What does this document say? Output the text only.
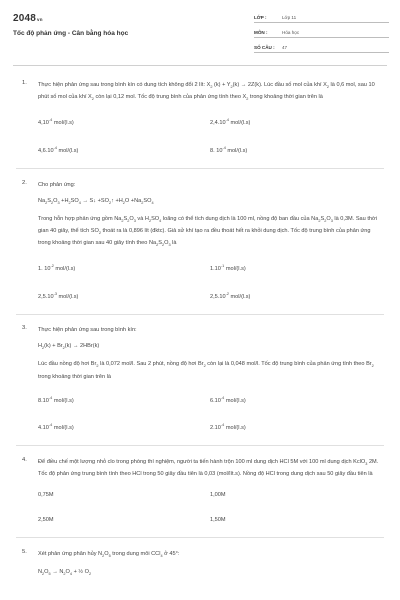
2048vn
Tốc độ phản ứng - Cân bằng hóa học
LỚP :	Lớp 11
MÔN :	Hóa học
SỐ CÂU :	47
1. Thực hiện phản ứng sau trong bình kín có dung tích không đổi 2 lít: $X_2$ $(k) + Y_2(k) \to 2Z(k)$. Lúc đầu số mol của khí $X_2$ là 0,6 mol, sau 10 phút số mol của khí $X_2$ còn lại 0,12 mol. Tốc độ trung bình của phản ứng tính theo $X_2$ trong khoảng thời gian trên là
$4,10^{-4}$ mol/(l.s)	$2,4.10^{-4}$ mol/(l.s)
$4,6.10^{-4}$ mol/(l.s)	8. $10^{-4}$ mol/(l.s)
2. Cho phản ứng:
$Na_2S_2O_3 +H_2SO_4$ → S↓ $+SO_2↑ +H_2O +Na_2SO_4$
Trong hỗn hợp phản ứng gồm $Na_2S_2O_3$ và $H_2SO_4$ loãng có thể tích dung dịch là 100 ml, nồng độ ban đầu của $Na_2S_2O_3$ là 0,3M. Sau thời gian 40 giây, thể tích $SO_2$ thoát ra là 0,896 lít (đktc). Giả sử khí tạo ra đều thoát hết ra khỏi dung dịch. Tốc độ trung bình của phản ứng trong khoảng thời gian sau 40 giây tính theo $Na_2S_2O_3$ là
1. $10^{-2}$ mol/(l.s)	$1.10^{-1}$ mol/(l.s)
$2,5.10^{-3}$ mol/(l.s)	$2,5.10^{-2}$ mol/(l.s)
3. Thực hiện phản ứng sau trong bình kín:
$H_2(k) + Br_2(k) \to 2HBr(k)$
Lúc đầu nồng độ hơi $Br_2$ là 0,072 mol/l. Sau 2 phút, nồng độ hơi $Br_2$ còn lại là 0,048 mol/l. Tốc độ trung bình của phản ứng tính theo $Br_2$ trong khoảng thời gian trên là
$8.10^{-4}$ mol/(l.s)	$6.10^{-4}$ mol/(l.s)
$4.10^{-4}$ mol/(l.s)	$2.10^{-4}$ mol/(l.s)
4. Để điều chế một lượng nhỏ clo trong phòng thí nghiệm, người ta tiến hành trộn 100 ml dung dịch HCl 5M với 100 ml dung dịch KclO$_3$ 2M. Tốc độ phản ứng trung bình tính theo HCl trong 50 giây đầu tiên là 0,03 (mol/lít.s). Nồng độ HCl trong dung dịch sau 50 giây đầu tiên là
0,75M	1,00M
2,50M	1,50M
5. Xét phản ứng phân hủy $N_2O_5$ trong dung môi CCl$_4$ ở 45°:
$N_2O_5 \to N_2O_4$ + ½ $O_2$
